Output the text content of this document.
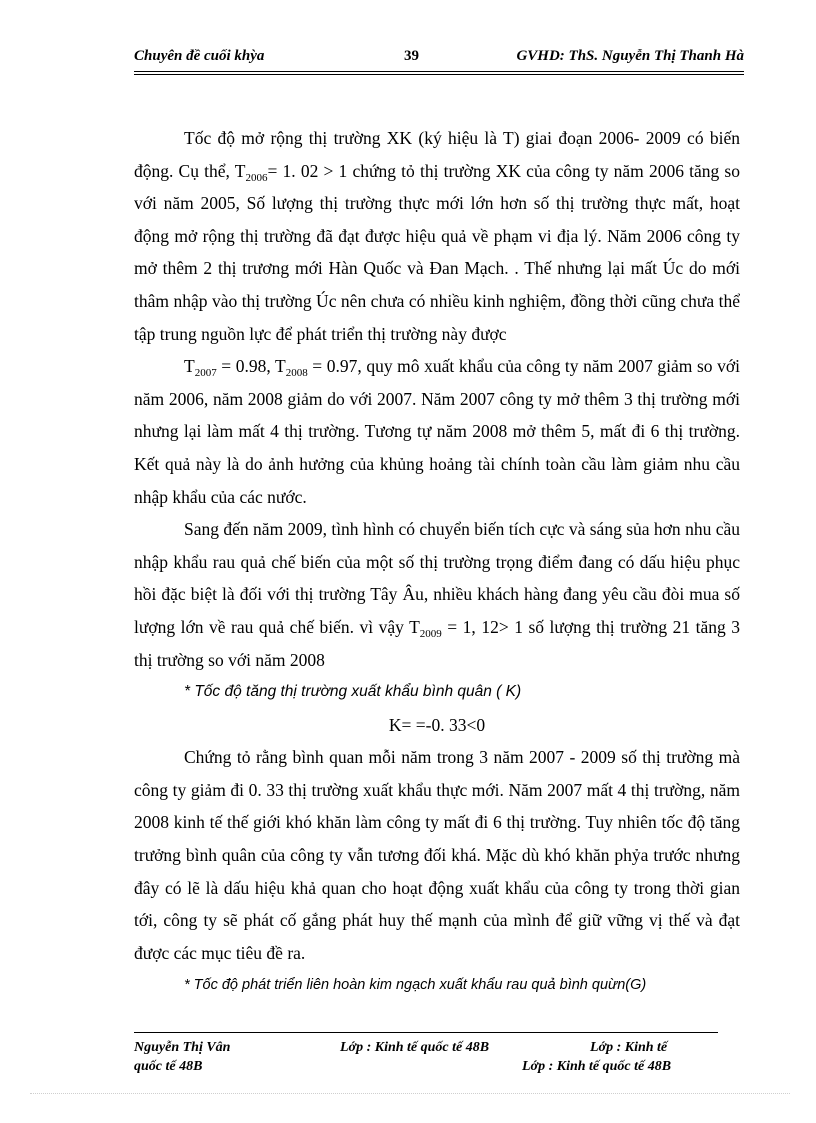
Chuyên đề cuối khỳa	39	GVHD: ThS. Nguyễn Thị Thanh Hà

Tốc độ mở rộng thị trường XK (ký hiệu là T) giai đoạn 2006- 2009 có biến động. Cụ thể, $T_{2006}= 1$. 02 > 1 chứng tỏ thị trường XK của công ty năm 2006 tăng so với năm 2005, Số lượng thị trường thực mới lớn hơn số thị trường thực mất, hoạt động mở rộng thị trường đã đạt được hiệu quả về phạm vi địa lý. Năm 2006 công ty mở thêm 2 thị trương mới Hàn Quốc và Đan Mạch. . Thế nhưng lại mất Úc do mới thâm nhập vào thị trường Úc nên chưa có nhiều kinh nghiệm, đồng thời cũng chưa thể tập trung nguồn lực để phát triển thị trường này được

$T_{2007} = 0.98$, $T_{2008} = 0.97$, quy mô xuất khẩu của công ty năm 2007 giảm so với năm 2006, năm 2008 giảm do với 2007. Năm 2007 công ty mở thêm 3 thị trường mới nhưng lại làm mất 4 thị trường. Tương tự năm 2008 mở thêm 5, mất đi 6 thị trường. Kết quả này là do ảnh hưởng của khủng hoảng tài chính toàn cầu làm giảm nhu cầu nhập khẩu của các nước.

Sang đến năm 2009, tình hình có chuyển biến tích cực và sáng sủa hơn nhu cầu nhập khẩu rau quả chế biến của một số thị trường trọng điểm đang có dấu hiệu phục hồi đặc biệt là đối với thị trường Tây Âu, nhiều khách hàng đang yêu cầu đòi mua số lượng lớn về rau quả chế biến. vì vậy $T_{2009} = 1$, 12> 1 số lượng thị trường 21 tăng 3 thị trường so với năm 2008

* Tốc độ tăng thị trường xuất khẩu bình quân ( K)

K= =-0. 33<0

Chứng tỏ rằng bình quan mỗi năm trong 3 năm 2007 - 2009 số thị trường mà công ty giảm đi 0. 33 thị trường xuất khẩu thực mới. Năm 2007 mất 4 thị trường, năm 2008 kinh tế thế giới khó khăn làm công ty mất đi 6 thị trường. Tuy nhiên tốc độ tăng trưởng bình quân của công ty vẫn tương đối khá. Mặc dù khó khăn phỷa trước nhưng đây có lẽ là dấu hiệu khả quan cho hoạt động xuất khẩu của công ty trong thời gian tới, công ty sẽ phát cố gắng phát huy thế mạnh của mình để giữ vững vị thế và đạt được các mục tiêu đề ra.

* Tốc độ phát triển liên hoàn kim ngạch xuất khẩu rau quả bình quừn(G)

Nguyễn Thị Vân	Lớp : Kinh tế quốc tế 48B	Lớp : Kinh tế
quốc tế 48B	Lớp : Kinh tế quốc tế 48B
